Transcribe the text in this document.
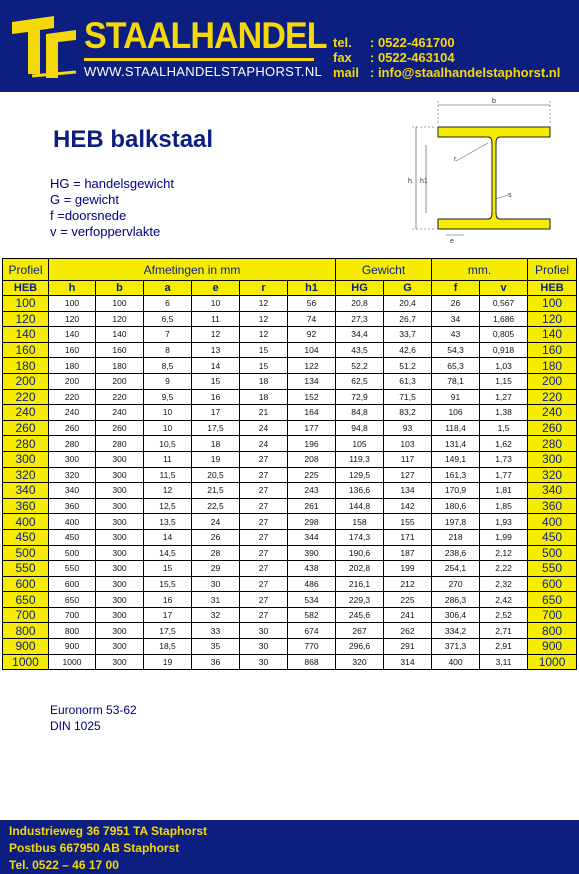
STAALHANDEL
WWW.STAALHANDELSTAPHORST.NL
tel. : 0522-461700
fax : 0522-463104
mail : info@staalhandelstaphorst.nl
HEB balkstaal
HG = handelsgewicht
G = gewicht
f =doorsnede
v = verfoppervlakte
b
r
s
h h1
e
Profiel	Afmetingen in mm						Gewicht		mm.		Profiel
HEB	h	b	a	e	r	h1	HG	G	f	v	HEB
100	100	100	6	10	12	56	20,8	20,4	26	0,567	100
120	120	120	6,5	11	12	74	27,3	26,7	34	1,686	120
140	140	140	7	12	12	92	34,4	33,7	43	0,805	140
160	160	160	8	13	15	104	43,5	42,6	54,3	0,918	160
180	180	180	8,5	14	15	122	52,2	51,2	65,3	1,03	180
200	200	200	9	15	18	134	62,5	61,3	78,1	1,15	200
220	220	220	9,5	16	18	152	72,9	71,5	91	1,27	220
240	240	240	10	17	21	164	84,8	83,2	106	1,38	240
260	260	260	10	17,5	24	177	94,8	93	118,4	1,5	260
280	280	280	10,5	18	24	196	105	103	131,4	1,62	280
300	300	300	11	19	27	208	119,3	117	149,1	1,73	300
320	320	300	11,5	20,5	27	225	129,5	127	161,3	1,77	320
340	340	300	12	21,5	27	243	136,6	134	170,9	1,81	340
360	360	300	12,5	22,5	27	261	144,8	142	180,6	1,85	360
400	400	300	13,5	24	27	298	158	155	197,8	1,93	400
450	450	300	14	26	27	344	174,3	171	218	1,99	450
500	500	300	14,5	28	27	390	190,6	187	238,6	2,12	500
550	550	300	15	29	27	438	202,8	199	254,1	2,22	550
600	600	300	15,5	30	27	486	216,1	212	270	2,32	600
650	650	300	16	31	27	534	229,3	225	286,3	2,42	650
700	700	300	17	32	27	582	245,6	241	306,4	2,52	700
800	800	300	17,5	33	30	674	267	262	334,2	2,71	800
900	900	300	18,5	35	30	770	296,6	291	371,3	2,91	900
1000	1000	300	19	36	30	868	320	314	400	3,11	1000
Euronorm 53-62
DIN 1025
Industrieweg 36 7951 TA Staphorst
Postbus 667950 AB Staphorst
Tel. 0522 – 46 17 00
